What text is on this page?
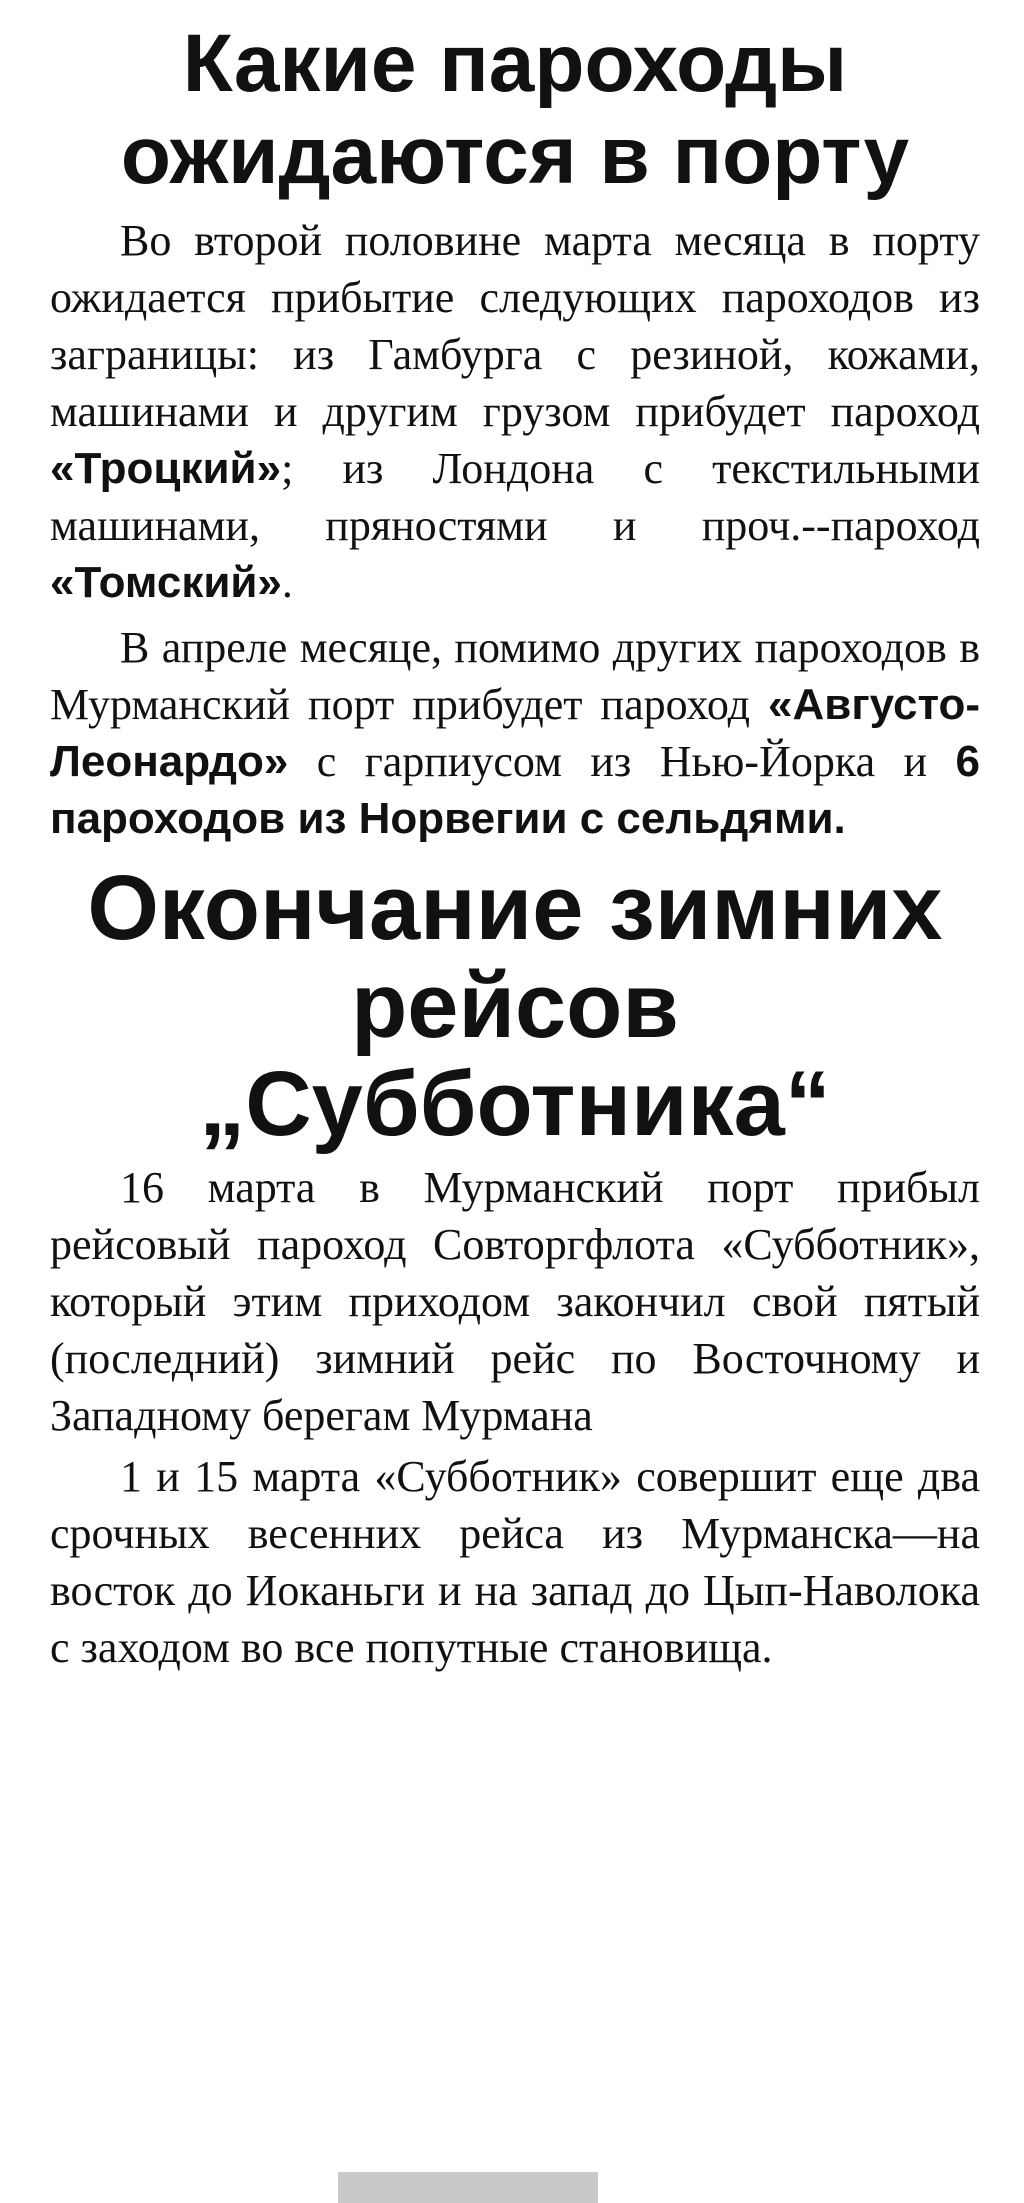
Какие пароходы ожидаются в порту

Во второй половине марта месяца в порту ожидается прибытие следующих пароходов из заграницы: из Гамбурга с резиной, кожами, машинами и другим грузом прибудет пароход «Троцкий»; из Лондона с текстильными машинами, пряностями и проч.--пароход «Томский».

В апреле месяце, помимо других пароходов в Мурманский порт прибудет пароход «Августо-Леонардо» с гарпиусом из Нью-Йорка и 6 пароходов из Норвегии с сельдями.

Окончание зимних рейсов „Субботника“

16 марта в Мурманский порт прибыл рейсовый пароход Совторгфлота «Субботник», который этим приходом закончил свой пятый (последний) зимний рейс по Восточному и Западному берегам Мурмана

1 и 15 марта «Субботник» совершит еще два срочных весенних рейса из Мурманска—на восток до Иоканьги и на запад до Цып-Наволока с заходом во все попутные становища.
